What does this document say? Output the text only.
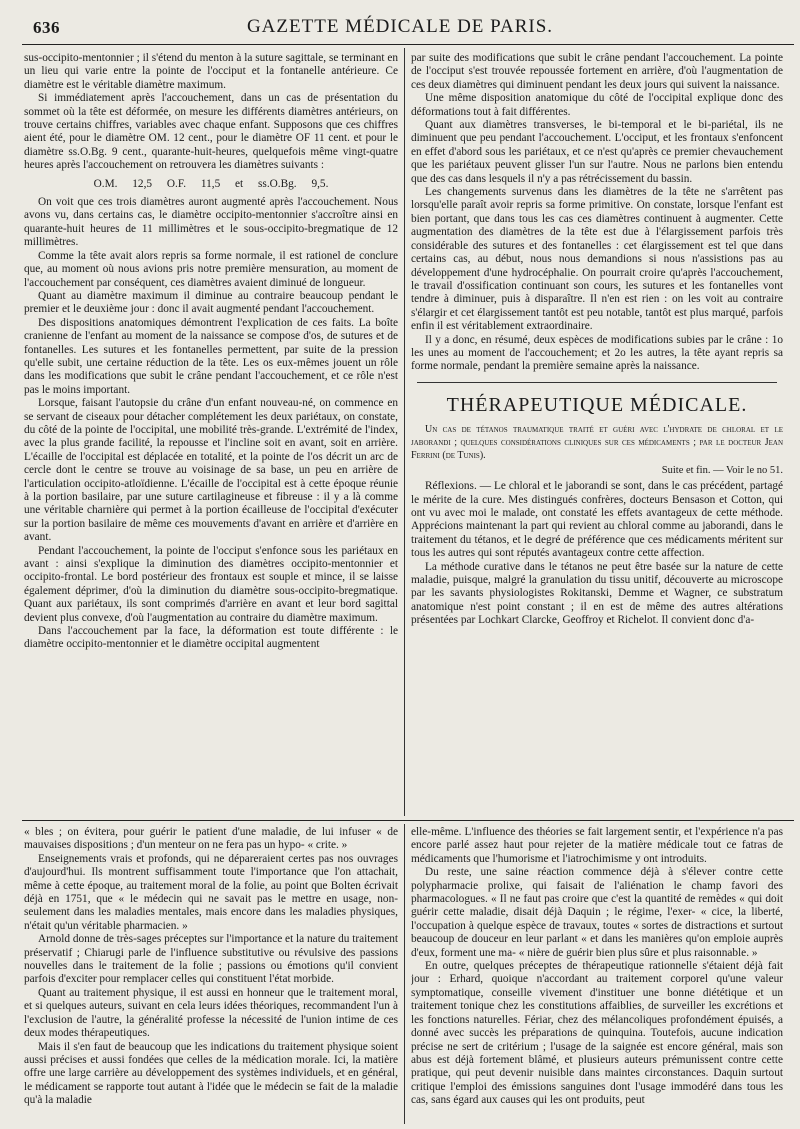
636	GAZETTE MÉDICALE DE PARIS.

sus-occipito-mentonnier ; il s'étend du menton à la suture sagittale, se terminant en un lieu qui varie entre la pointe de l'occiput et la fontanelle antérieure. Ce diamètre est le véritable diamètre maximum.

Si immédiatement après l'accouchement, dans un cas de présentation du sommet où la tête est déformée, on mesure les différents diamètres antérieurs, on trouve certains chiffres, variables avec chaque enfant. Supposons que ces chiffres aient été, pour le diamètre OM. 12 cent., pour le diamètre OF 11 cent. et pour le diamètre ss.O.Bg. 9 cent., quarante-huit-heures, quelquefois même vingt-quatre heures après l'accouchement on retrouvera les diamètres suivants :

O.M. 12,5 O.F. 11,5 et ss.O.Bg. 9,5.

On voit que ces trois diamètres auront augmenté après l'accouchement. Nous avons vu, dans certains cas, le diamètre occipito-mentonnier s'accroître ainsi en quarante-huit heures de 11 millimètres et le sous-occipito-bregmatique de 12 millimètres.

Comme la tête avait alors repris sa forme normale, il est rationel de conclure que, au moment où nous avions pris notre première mensuration, au moment de l'accouchement par conséquent, ces diamètres avaient diminué de longueur.

Quant au diamètre maximum il diminue au contraire beaucoup pendant le premier et le deuxième jour : donc il avait augmenté pendant l'accouchement.

Des dispositions anatomiques démontrent l'explication de ces faits. La boîte cranienne de l'enfant au moment de la naissance se compose d'os, de sutures et de fontanelles. Les sutures et les fontanelles permettent, par suite de la pression qu'elle subit, une certaine réduction de la tête. Les os eux-mêmes jouent un rôle dans les modifications que subit le crâne pendant l'accouchement, et ce rôle n'est pas le moins important.

Lorsque, faisant l'autopsie du crâne d'un enfant nouveau-né, on commence en se servant de ciseaux pour détacher complétement les deux pariétaux, on constate, du côté de la pointe de l'occipital, une mobilité très-grande. L'extrémité de l'index, avec la plus grande facilité, la repousse et l'incline soit en avant, soit en arrière. L'écaille de l'occipital est déplacée en totalité, et la pointe de l'os décrit un arc de cercle dont le centre se trouve au voisinage de sa base, un peu en arrière de l'articulation occipito-atloïdienne. L'écaille de l'occipital est à cette époque réunie à la portion basilaire, par une suture cartilagineuse et fibreuse : il y a là comme une véritable charnière qui permet à la portion écailleuse de l'occipital d'exécuter sur la portion basilaire de même ces mouvements d'avant en arrière et d'arrière en avant.

Pendant l'accouchement, la pointe de l'occiput s'enfonce sous les pariétaux en avant : ainsi s'explique la diminution des diamètres occipito-mentonnier et occipito-frontal. Le bord postérieur des frontaux est souple et mince, il se laisse également déprimer, d'où la diminution du diamètre sous-occipito-bregmatique. Quant aux pariétaux, ils sont comprimés d'arrière en avant et leur bord sagittal devient plus convexe, d'où l'augmentation au contraire du diamètre maximum.

Dans l'accouchement par la face, la déformation est toute différente : le diamètre occipito-mentonnier et le diamètre occipital augmentent

par suite des modifications que subit le crâne pendant l'accouchement. La pointe de l'occiput s'est trouvée repoussée fortement en arrière, d'où l'augmentation de ces deux diamètres qui diminuent pendant les deux jours qui suivent la naissance.

Une même disposition anatomique du côté de l'occipital explique donc des déformations tout à fait différentes.

Quant aux diamètres transverses, le bi-temporal et le bi-pariétal, ils ne diminuent que peu pendant l'accouchement. L'occiput, et les frontaux s'enfoncent en effet d'abord sous les pariétaux, et ce n'est qu'après ce premier chevauchement que les pariétaux peuvent glisser l'un sur l'autre. Nous ne parlons bien entendu que des cas dans lesquels il n'y a pas rétrécissement du bassin.

Les changements survenus dans les diamètres de la tête ne s'arrêtent pas lorsqu'elle paraît avoir repris sa forme primitive. On constate, lorsque l'enfant est bien portant, que dans tous les cas ces diamètres continuent à augmenter. Cette augmentation des diamètres de la tête est due à l'élargissement parfois très considérable des sutures et des fontanelles : cet élargissement est tel que dans certains cas, au début, nous nous demandions si nous n'assistions pas au développement d'une hydrocéphalie. On pourrait croire qu'après l'accouchement, le travail d'ossification continuant son cours, les sutures et les fontanelles vont tendre à diminuer, puis à disparaître. Il n'en est rien : on les voit au contraire s'élargir et cet élargissement tantôt est peu notable, tantôt est plus marqué, parfois enfin il est véritablement extraordinaire.

Il y a donc, en résumé, deux espèces de modifications subies par le crâne : 1o les unes au moment de l'accouchement; et 2o les autres, la tête ayant repris sa forme normale, pendant la première semaine après la naissance.

THÉRAPEUTIQUE MÉDICALE.

Un cas de tétanos traumatique traité et guéri avec l'hydrate de chloral et le jaborandi ; quelques considérations cliniques sur ces médicaments ; par le docteur Jean Ferrini (de Tunis).

Suite et fin. — Voir le no 51.

Réflexions. — Le chloral et le jaborandi se sont, dans le cas précédent, partagé le mérite de la cure. Mes distingués confrères, docteurs Bensason et Cotton, qui ont vu avec moi le malade, ont constaté les effets avantageux de cette méthode. Apprécions maintenant la part qui revient au chloral comme au jaborandi, dans le traitement du tétanos, et le degré de préférence que ces médicaments méritent sur tous les autres qui sont réputés avantageux contre cette affection.

La méthode curative dans le tétanos ne peut être basée sur la nature de cette maladie, puisque, malgré la granulation du tissu unitif, découverte au microscope par les savants physiologistes Rokitanski, Demme et Wagner, ce substratum anatomique n'est point constant ; il en est de même des autres altérations présentées par Lochkart Clarcke, Geoffroy et Richelot. Il convient donc d'a-

« bles ; on évitera, pour guérir le patient d'une maladie, de lui infuser « de mauvaises dispositions ; d'un menteur on ne fera pas un hypo- « crite. »

Enseignements vrais et profonds, qui ne dépareraient certes pas nos ouvrages d'aujourd'hui. Ils montrent suffisamment toute l'importance que l'on attachait, même à cette époque, au traitement moral de la folie, au point que Bolten écrivait déjà en 1751, que « le médecin qui ne savait pas le mettre en usage, non-seulement dans les maladies mentales, mais encore dans les maladies physiques, n'était qu'un véritable pharmacien. »

Arnold donne de très-sages préceptes sur l'importance et la nature du traitement préservatif ; Chiarugi parle de l'influence substitutive ou révulsive des passions nouvelles dans le traitement de la folie ; passions ou émotions qu'il convient parfois d'exciter pour remplacer celles qui constituent l'état morbide.

Quant au traitement physique, il est aussi en honneur que le traitement moral, et si quelques auteurs, suivant en cela leurs idées théoriques, recommandent l'un à l'exclusion de l'autre, la généralité professe la nécessité de l'union intime de ces deux modes thérapeutiques.

Mais il s'en faut de beaucoup que les indications du traitement physique soient aussi précises et aussi fondées que celles de la médication morale. Ici, la matière offre une large carrière au développement des systèmes individuels, et en général, le médicament se rapporte tout autant à l'idée que le médecin se fait de la maladie qu'à la maladie

elle-même. L'influence des théories se fait largement sentir, et l'expérience n'a pas encore parlé assez haut pour rejeter de la matière médicale tout ce fatras de médicaments que l'humorisme et l'iatrochimisme y ont introduits.

Du reste, une saine réaction commence déjà à s'élever contre cette polypharmacie prolixe, qui faisait de l'aliénation le champ favori des pharmacologues. « Il ne faut pas croire que c'est la quantité de remèdes « qui doit guérir cette maladie, disait déjà Daquin ; le régime, l'exer- « cice, la liberté, l'occupation à quelque espèce de travaux, toutes « sortes de distractions et surtout beaucoup de douceur en leur parlant « et dans les manières qu'on emploie auprès d'eux, forment une ma- « nière de guérir bien plus sûre et plus raisonnable. »

En outre, quelques préceptes de thérapeutique rationnelle s'étaient déjà fait jour : Erhard, quoique n'accordant au traitement corporel qu'une valeur symptomatique, conseille vivement d'instituer une bonne diététique et un traitement tonique chez les constitutions affaiblies, de surveiller les excrétions et les fonctions naturelles. Fériar, chez des mélancoliques profondément épuisés, a donné avec succès les préparations de quinquina. Toutefois, aucune indication précise ne sert de critérium ; l'usage de la saignée est encore général, mais son abus est déjà fortement blâmé, et plusieurs auteurs prémunissent contre cette pratique, qui peut devenir nuisible dans maintes circonstances. Daquin surtout critique l'emploi des émissions sanguines dont l'usage immodéré dans tous les cas, sans égard aux causes qui les ont produits, peut
